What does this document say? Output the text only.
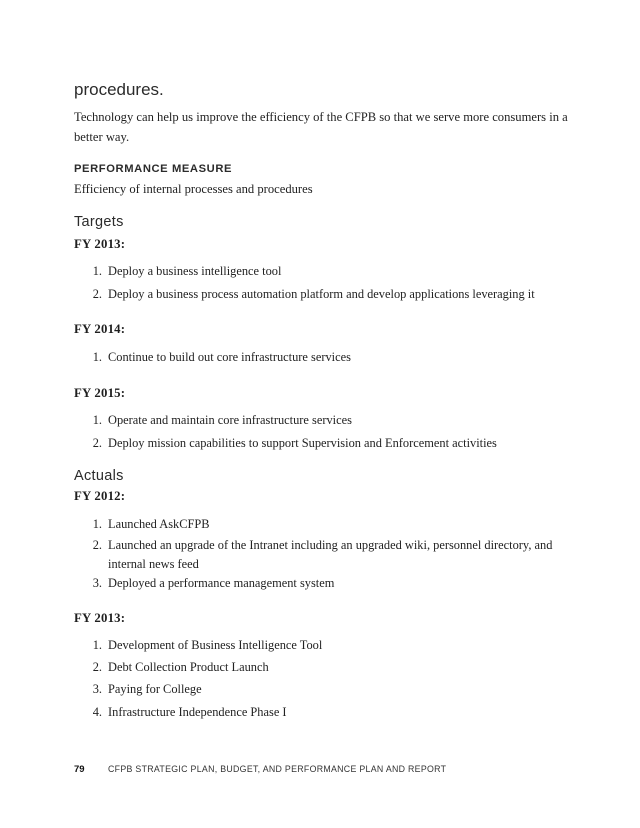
procedures.
Technology can help us improve the efficiency of the CFPB so that we serve more consumers in a better way.
PERFORMANCE MEASURE
Efficiency of internal processes and procedures
Targets
FY 2013:
1. Deploy a business intelligence tool
2. Deploy a business process automation platform and develop applications leveraging it
FY 2014:
1. Continue to build out core infrastructure services
FY 2015:
1. Operate and maintain core infrastructure services
2. Deploy mission capabilities to support Supervision and Enforcement activities
Actuals
FY 2012:
1. Launched AskCFPB
2. Launched an upgrade of the Intranet including an upgraded wiki, personnel directory, and internal news feed
3. Deployed a performance management system
FY 2013:
1. Development of Business Intelligence Tool
2. Debt Collection Product Launch
3. Paying for College
4. Infrastructure Independence Phase I
79	CFPB STRATEGIC PLAN, BUDGET, AND PERFORMANCE PLAN AND REPORT
